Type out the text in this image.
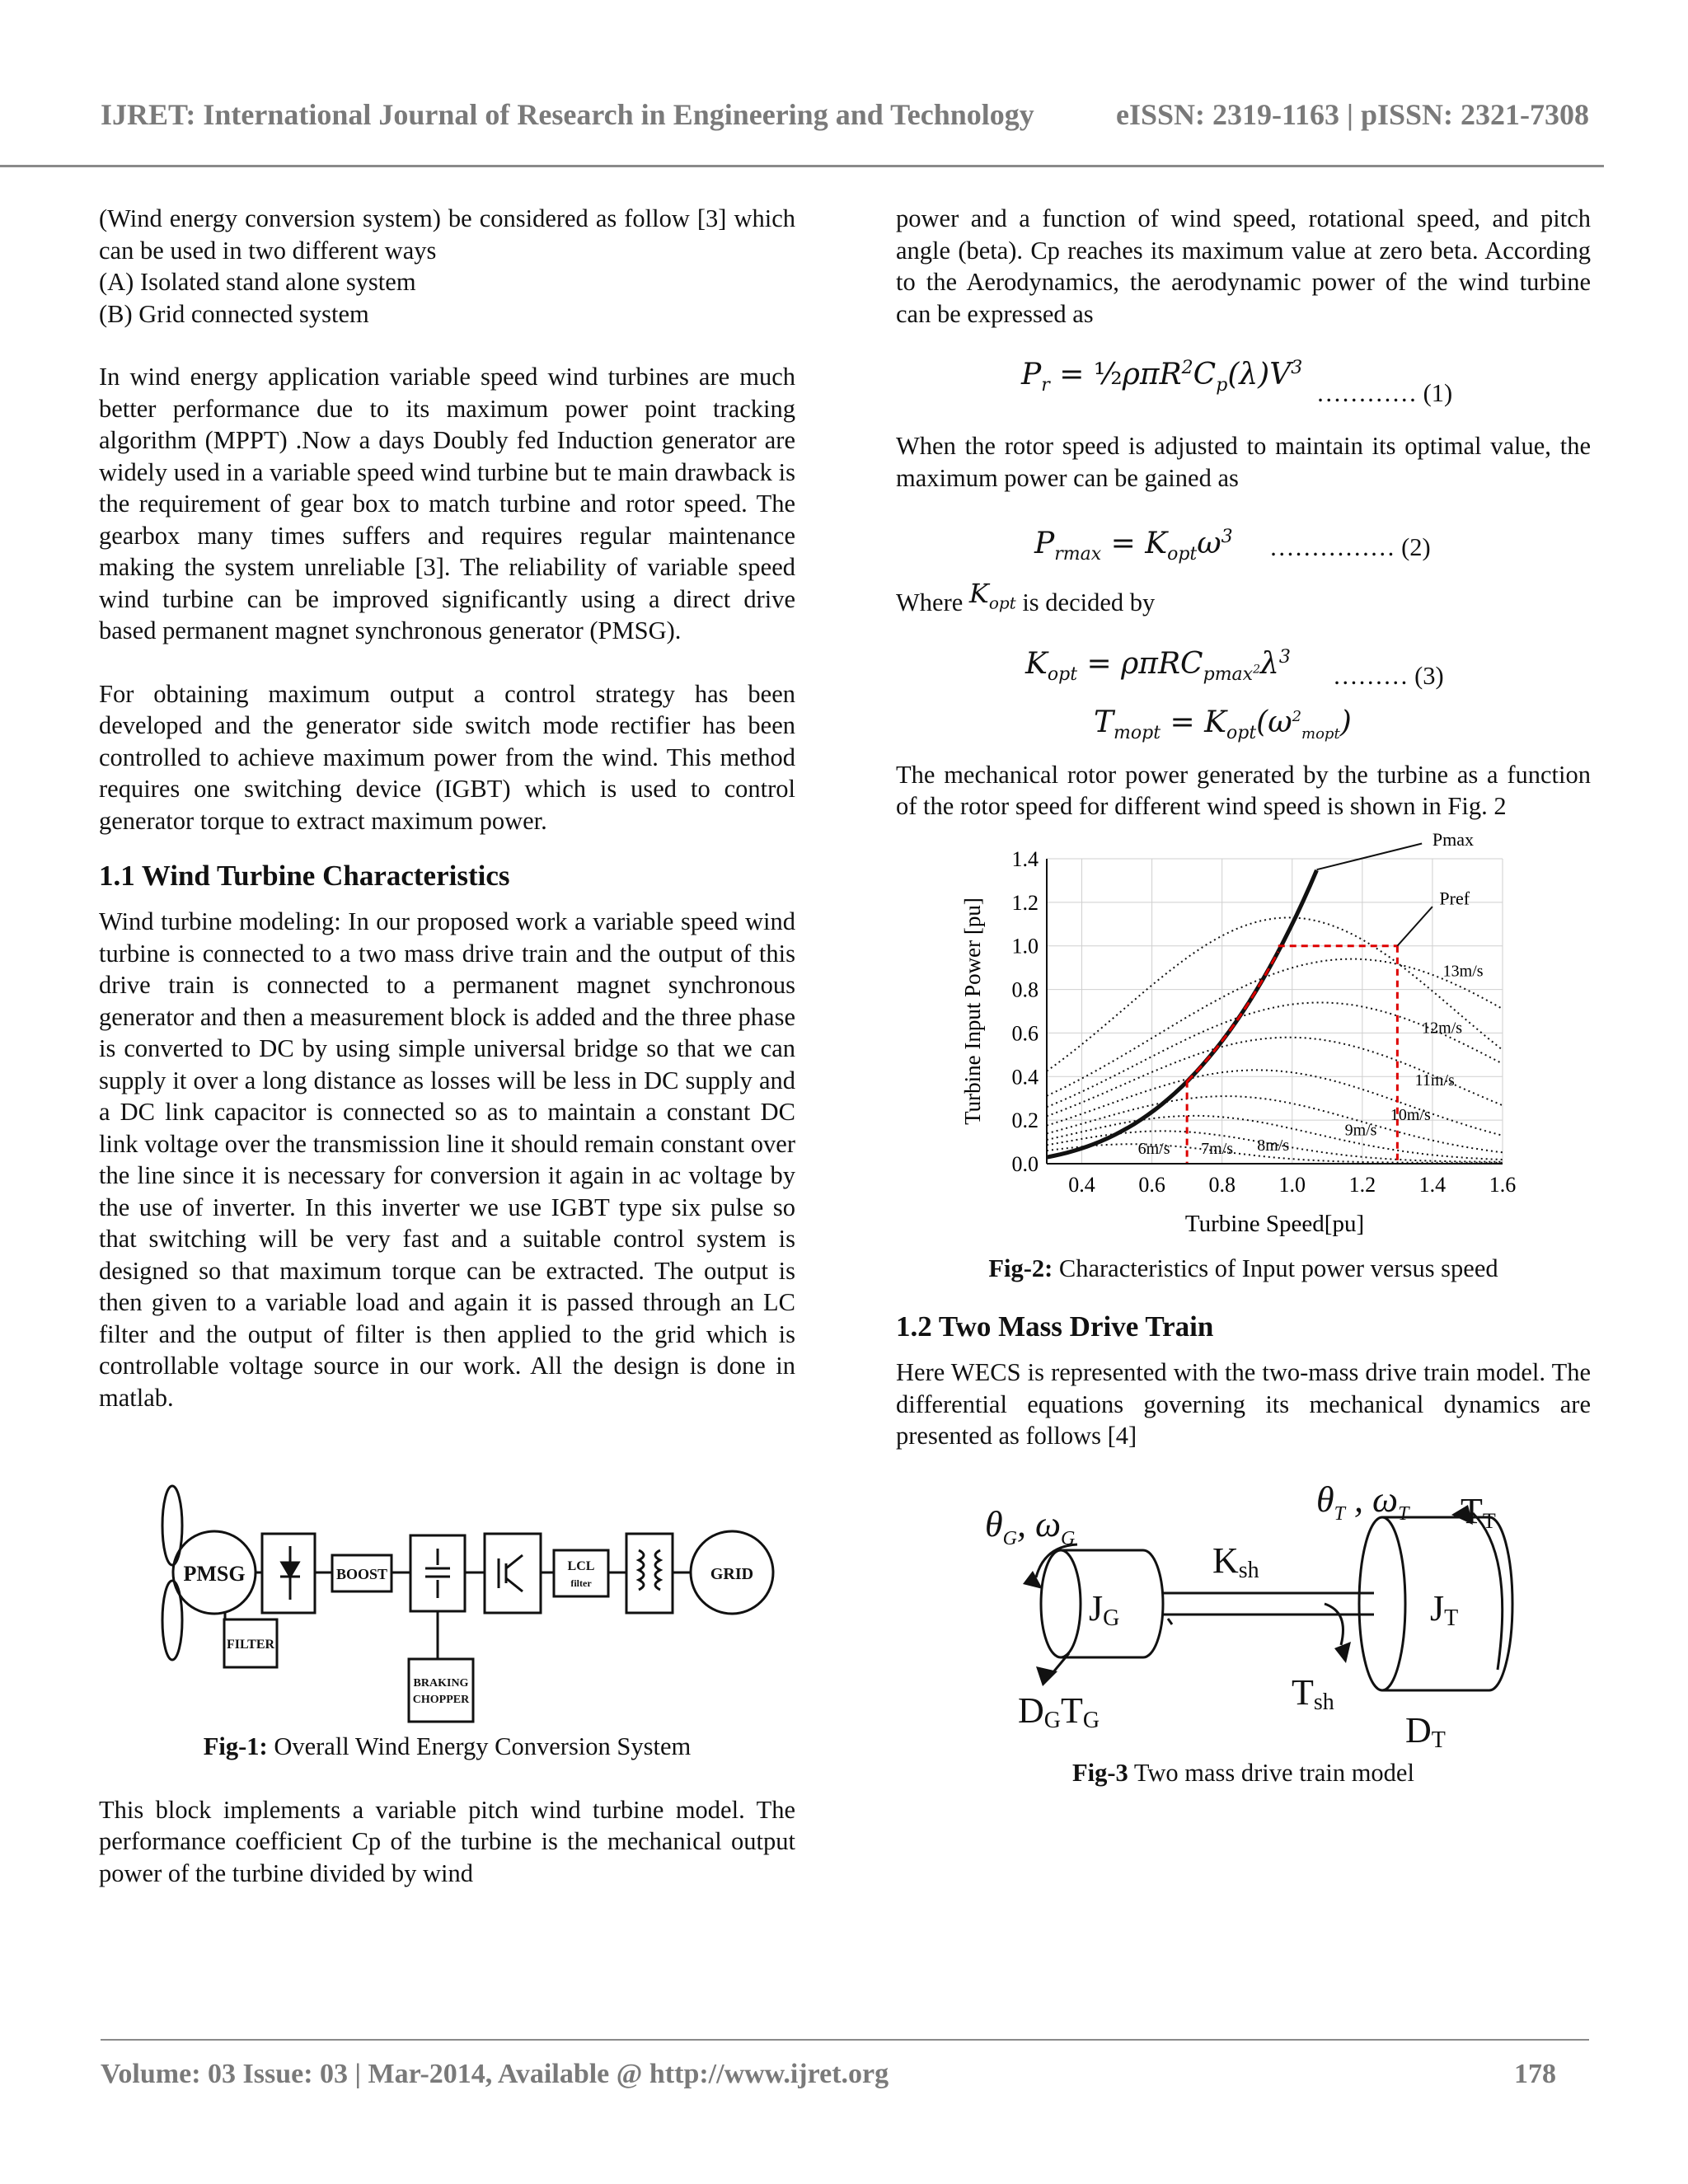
IJRET: International Journal of Research in Engineering and Technology	eISSN: 2319-1163 | pISSN: 2321-7308

(Wind energy conversion system) be considered as follow [3] which can be used in two different ways

(A) Isolated stand alone system

(B) Grid connected system

In wind energy application variable speed wind turbines are much better performance due to its maximum power point tracking algorithm (MPPT) .Now a days Doubly fed Induction generator are widely used in a variable speed wind turbine but te main drawback is the requirement of gear box to match turbine and rotor speed. The gearbox many times suffers and requires regular maintenance making the system unreliable [3]. The reliability of variable speed wind turbine can be improved significantly using a direct drive based permanent magnet synchronous generator (PMSG).

For obtaining maximum output a control strategy has been developed and the generator side switch mode rectifier has been controlled to achieve maximum power from the wind. This method requires one switching device (IGBT) which is used to control generator torque to extract maximum power.

1.1 Wind Turbine Characteristics

Wind turbine modeling: In our proposed work a variable speed wind turbine is connected to a two mass drive train and the output of this drive train is connected to a permanent magnet synchronous generator and then a measurement block is added and the three phase is converted to DC by using simple universal bridge so that we can supply it over a long distance as losses will be less in DC supply and a DC link capacitor is connected so as to maintain a constant DC link voltage over the transmission line it should remain constant over the line since it is necessary for conversion it again in ac voltage by the use of inverter. In this inverter we use IGBT type six pulse so that switching will be very fast and a suitable control system is designed so that maximum torque can be extracted. The output is then given to a variable load and again it is passed through an LC filter and the output of filter is then applied to the grid which is controllable voltage source in our work. All the design is done in matlab.

PMSG	BOOST	LCL
filter	GRID
FILTER
BRAKING
CHOPPER

Fig-1: Overall Wind Energy Conversion System

This block implements a variable pitch wind turbine model. The performance coefficient Cp of the turbine is the mechanical output power of the turbine divided by wind

power and a function of wind speed, rotational speed, and pitch angle (beta). Cp reaches its maximum value at zero beta. According to the Aerodynamics, the aerodynamic power of the wind turbine can be expressed as

$P_r$ = $\frac{1}{2}\rho\pi R^2C_p(\lambda)V^3$
………… (1)

When the rotor speed is adjusted to maintain its optimal value, the maximum power can be gained as

$P_{rmax} = K_{opt}\omega^3$ …………… (2)

Where $K_{opt}$ is decided by

$K_{opt} = \rho\pi RC_{pmax^2}\lambda^3$
……… (3)
$T_{mopt} = K_{opt}(\omega^2_{mopt})$

The mechanical rotor power generated by the turbine as a function of the rotor speed for different wind speed is shown in Fig. 2

0.4 0.6 0.8 1.0 1.2 1.4 1.6
0.0
0.2
0.4
0.6
0.8
1.0
1.2
1.4
Turbine Speed[pu]
Turbine Input Power [pu]
6m/s 7m/s 8m/s
9m/s
10m/s
11m/s
12m/s
13m/s
Pmax
Pref

Fig-2: Characteristics of Input power versus speed

1.2 Two Mass Drive Train

Here WECS is represented with the two-mass drive train model. The differential equations governing its mechanical dynamics are presented as follows [4]

$\theta_G$, $\omega_G$
$\theta_T$ , $\omega_T$ TT
Ksh
JG	JT
Tsh
DGTG	DT

Fig-3 Two mass drive train model

Volume: 03 Issue: 03 | Mar-2014, Available @ http://www.ijret.org	178
